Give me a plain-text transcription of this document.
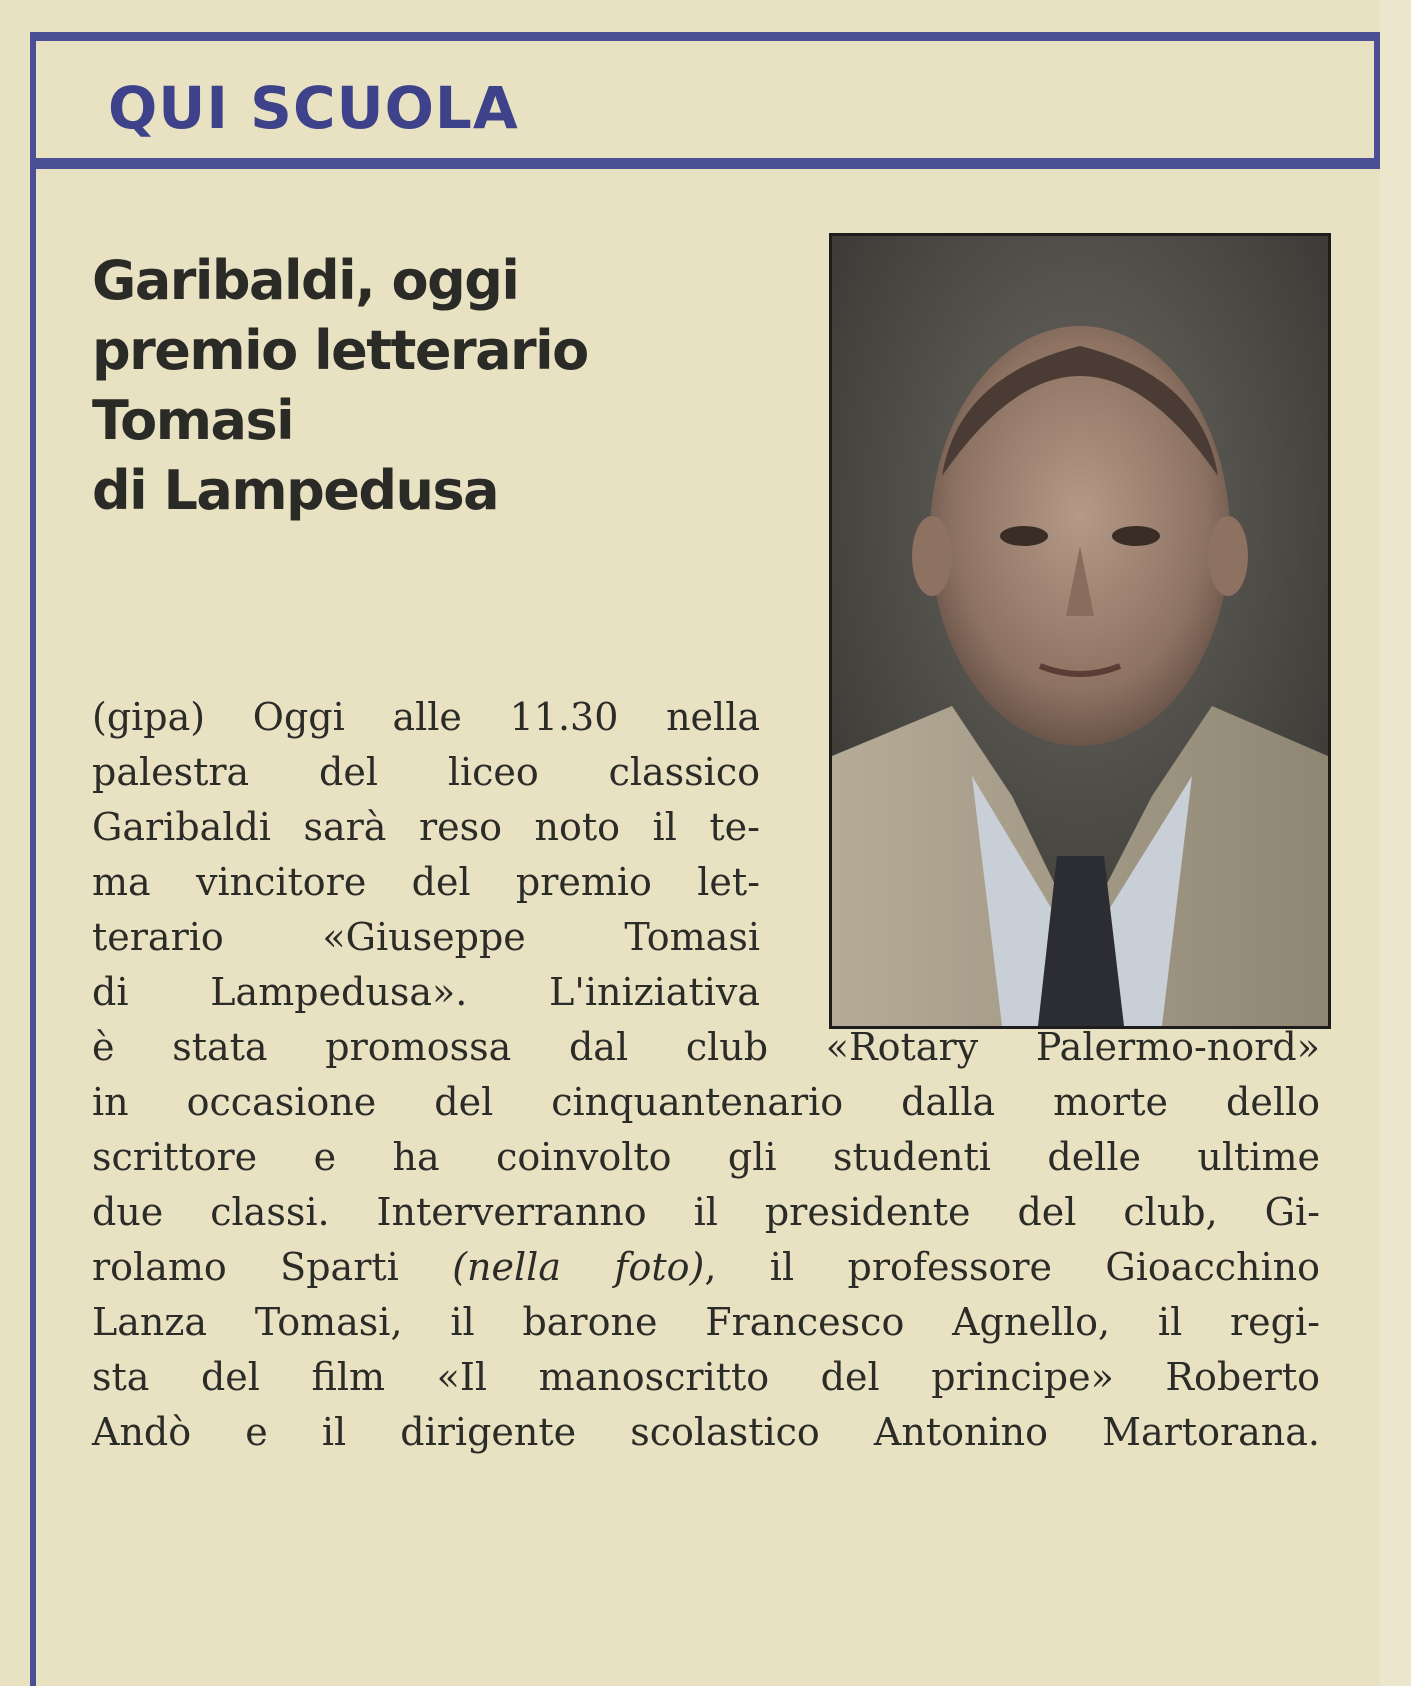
QUI SCUOLA
Garibaldi, oggi
premio letterario
Tomasi
di Lampedusa
(gipa) Oggi alle 11.30 nella
palestra del liceo classico
Garibaldi sarà reso noto il te-
ma vincitore del premio let-
terario «Giuseppe Tomasi
di Lampedusa». L'iniziativa
è stata promossa dal club «Rotary Palermo-nord»
in occasione del cinquantenario dalla morte dello
scrittore e ha coinvolto gli studenti delle ultime
due classi. Interverranno il presidente del club, Gi-
rolamo Sparti (nella foto), il professore Gioacchino
Lanza Tomasi, il barone Francesco Agnello, il regi-
sta del film «Il manoscritto del principe» Roberto
Andò e il dirigente scolastico Antonino Martorana.
